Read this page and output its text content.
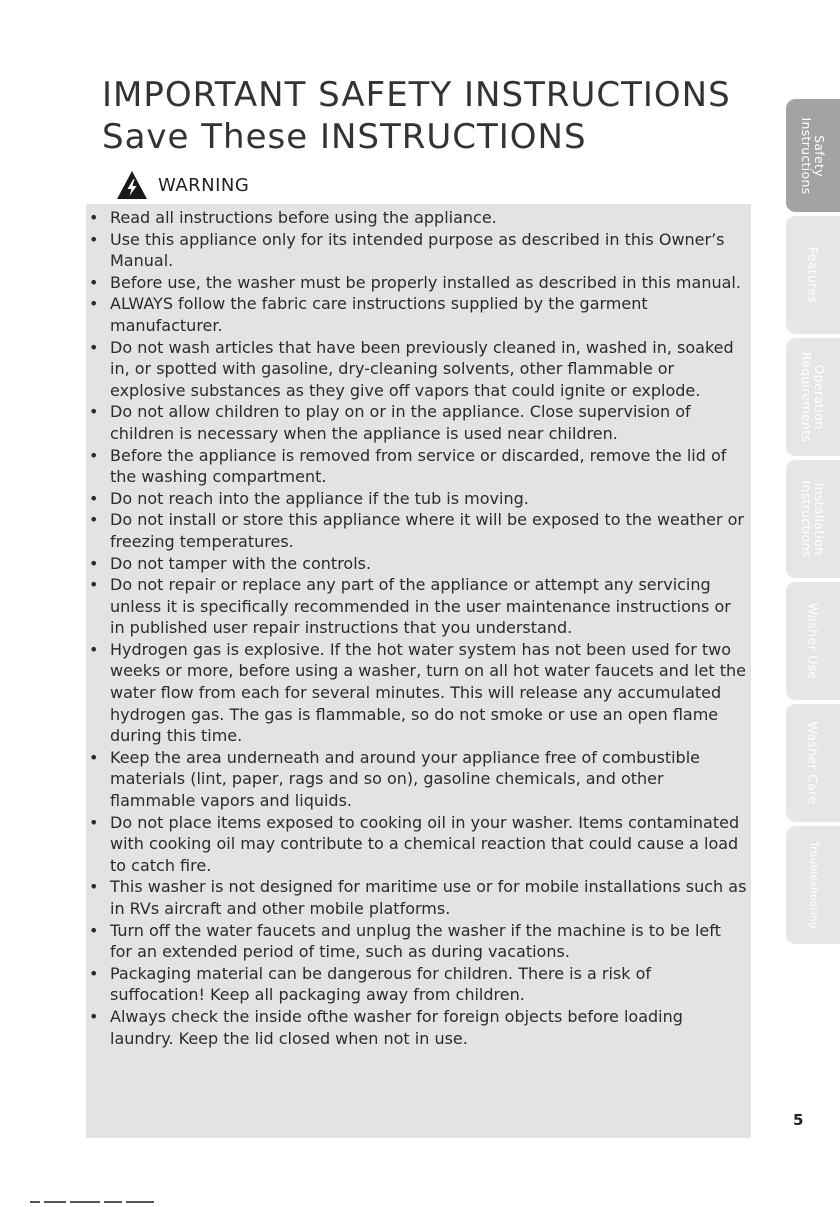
IMPORTANT SAFETY INSTRUCTIONS
Save These INSTRUCTIONS
WARNING
• Read all instructions before using the appliance.
• Use this appliance only for its intended purpose as described in this Owner’s Manual.
• Before use, the washer must be properly installed as described in this manual.
• ALWAYS follow the fabric care instructions supplied by the garment manufacturer.
• Do not wash articles that have been previously cleaned in, washed in, soaked in, or spotted with gasoline, dry-cleaning solvents, other flammable or explosive substances as they give off vapors that could ignite or explode.
• Do not allow children to play on or in the appliance. Close supervision of children is necessary when the appliance is used near children.
• Before the appliance is removed from service or discarded, remove the lid of the washing compartment.
• Do not reach into the appliance if the tub is moving.
• Do not install or store this appliance where it will be exposed to the weather or freezing temperatures.
• Do not tamper with the controls.
• Do not repair or replace any part of the appliance or attempt any servicing unless it is specifically recommended in the user maintenance instructions or in published user repair instructions that you understand.
• Hydrogen gas is explosive. If the hot water system has not been used for two weeks or more, before using a washer, turn on all hot water faucets and let the water flow from each for several minutes. This will release any accumulated hydrogen gas. The gas is flammable, so do not smoke or use an open flame during this time.
• Keep the area underneath and around your appliance free of combustible materials (lint, paper, rags and so on), gasoline chemicals, and other flammable vapors and liquids.
• Do not place items exposed to cooking oil in your washer. Items contaminated with cooking oil may contribute to a chemical reaction that could cause a load to catch fire.
• This washer is not designed for maritime use or for mobile installations such as in RVs aircraft and other mobile platforms.
• Turn off the water faucets and unplug the washer if the machine is to be left for an extended period of time, such as during vacations.
• Packaging material can be dangerous for children. There is a risk of suffocation! Keep all packaging away from children.
• Always check the inside ofthe washer for foreign objects before loading laundry. Keep the lid closed when not in use.
Safety
Instructions
Features
Operation
Requirements
Installation
Instructions
Washer Use
Washer Care
Troubleshooting
5
